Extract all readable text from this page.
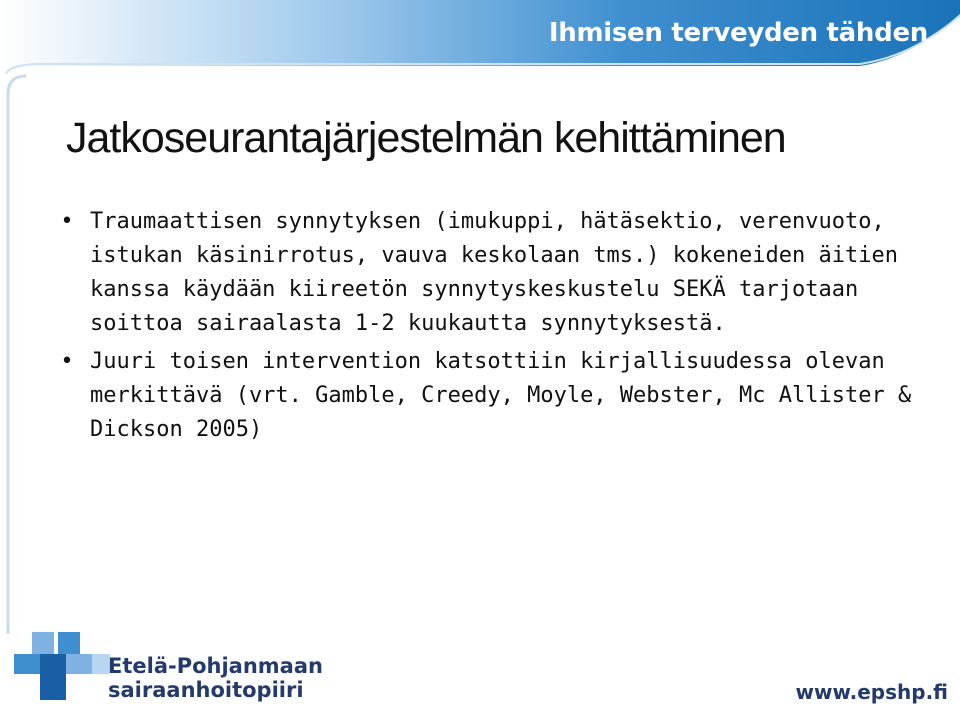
Ihmisen terveyden tähden
Jatkoseurantajärjestelmän kehittäminen
• Traumaattisen synnytyksen (imukuppi, hätäsektio, verenvuoto, istukan käsinirrotus, vauva keskolaan tms.) kokeneiden äitien kanssa käydään kiireetön synnytyskeskustelu SEKÄ tarjotaan soittoa sairaalasta 1-2 kuukautta synnytyksestä.
• Juuri toisen intervention katsottiin kirjallisuudessa olevan merkittävä (vrt. Gamble, Creedy, Moyle, Webster, Mc Allister & Dickson 2005)
Etelä-Pohjanmaan
sairaanhoitopiiri	www.epshp.fi
